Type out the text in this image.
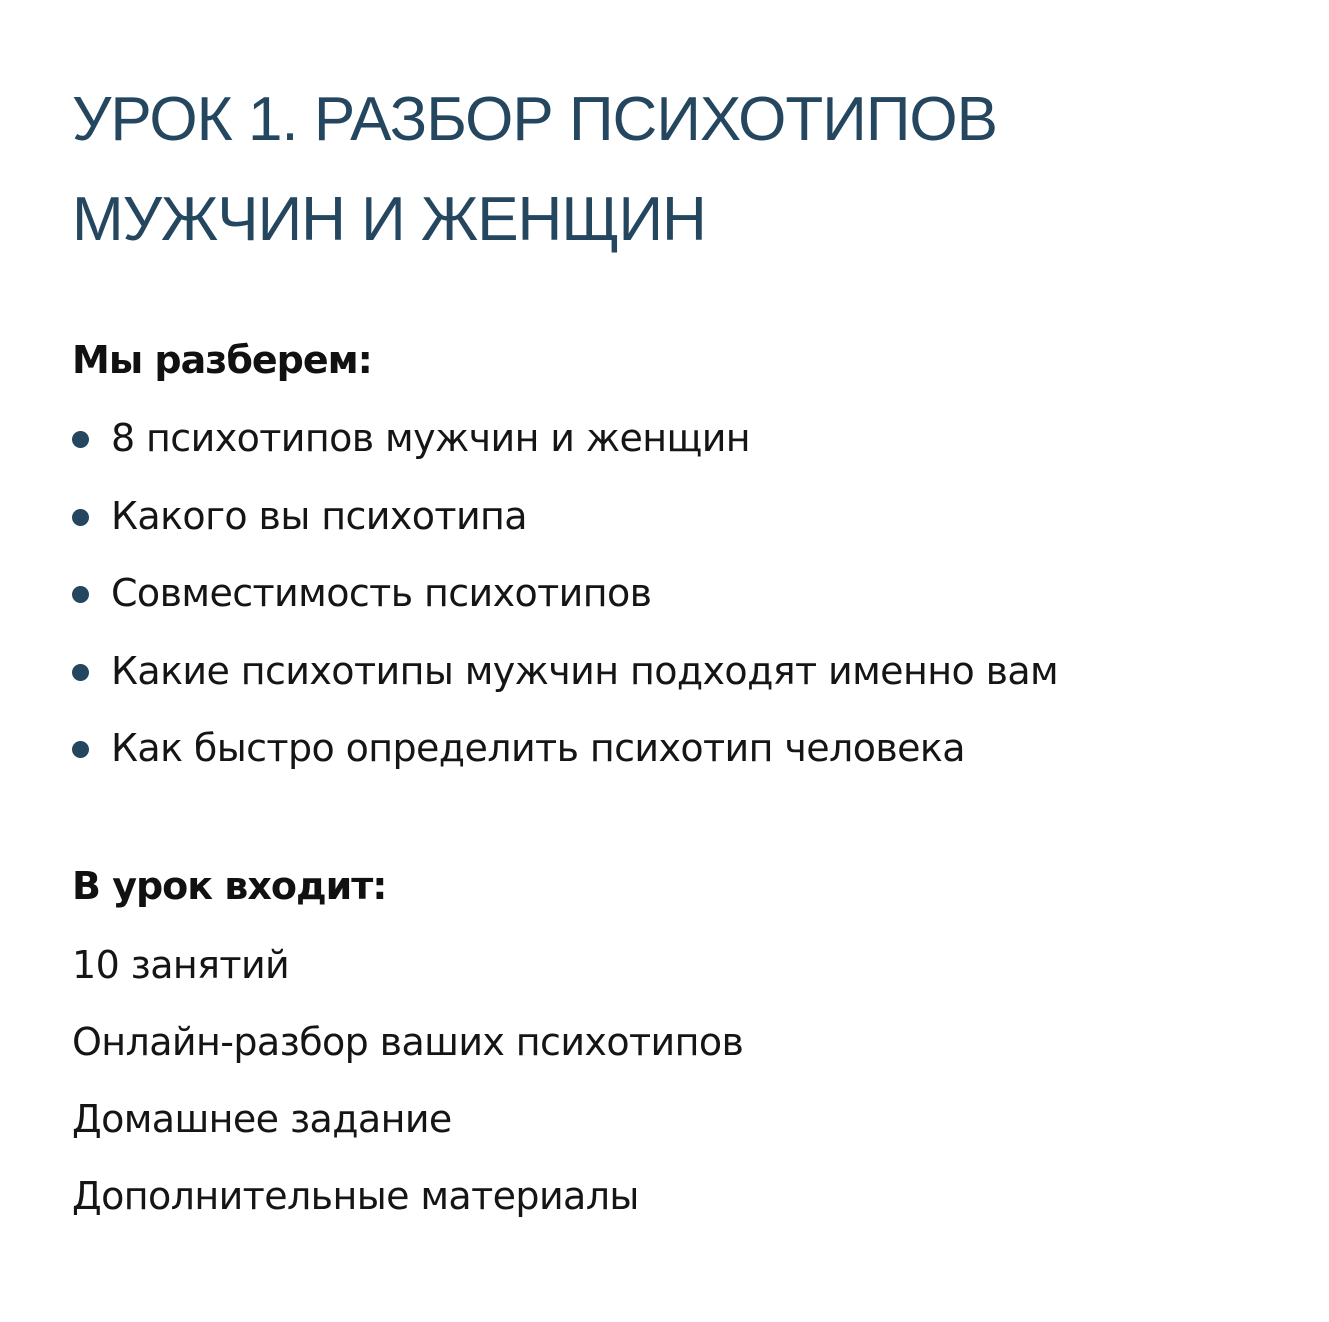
УРОК 1. РАЗБОР ПСИХОТИПОВ
МУЖЧИН И ЖЕНЩИН
Мы разберем:
8 психотипов мужчин и женщин
Какого вы психотипа
Совместимость психотипов
Какие психотипы мужчин подходят именно вам
Как быстро определить психотип человека
В урок входит:
10 занятий
Онлайн-разбор ваших психотипов
Домашнее задание
Дополнительные материалы
